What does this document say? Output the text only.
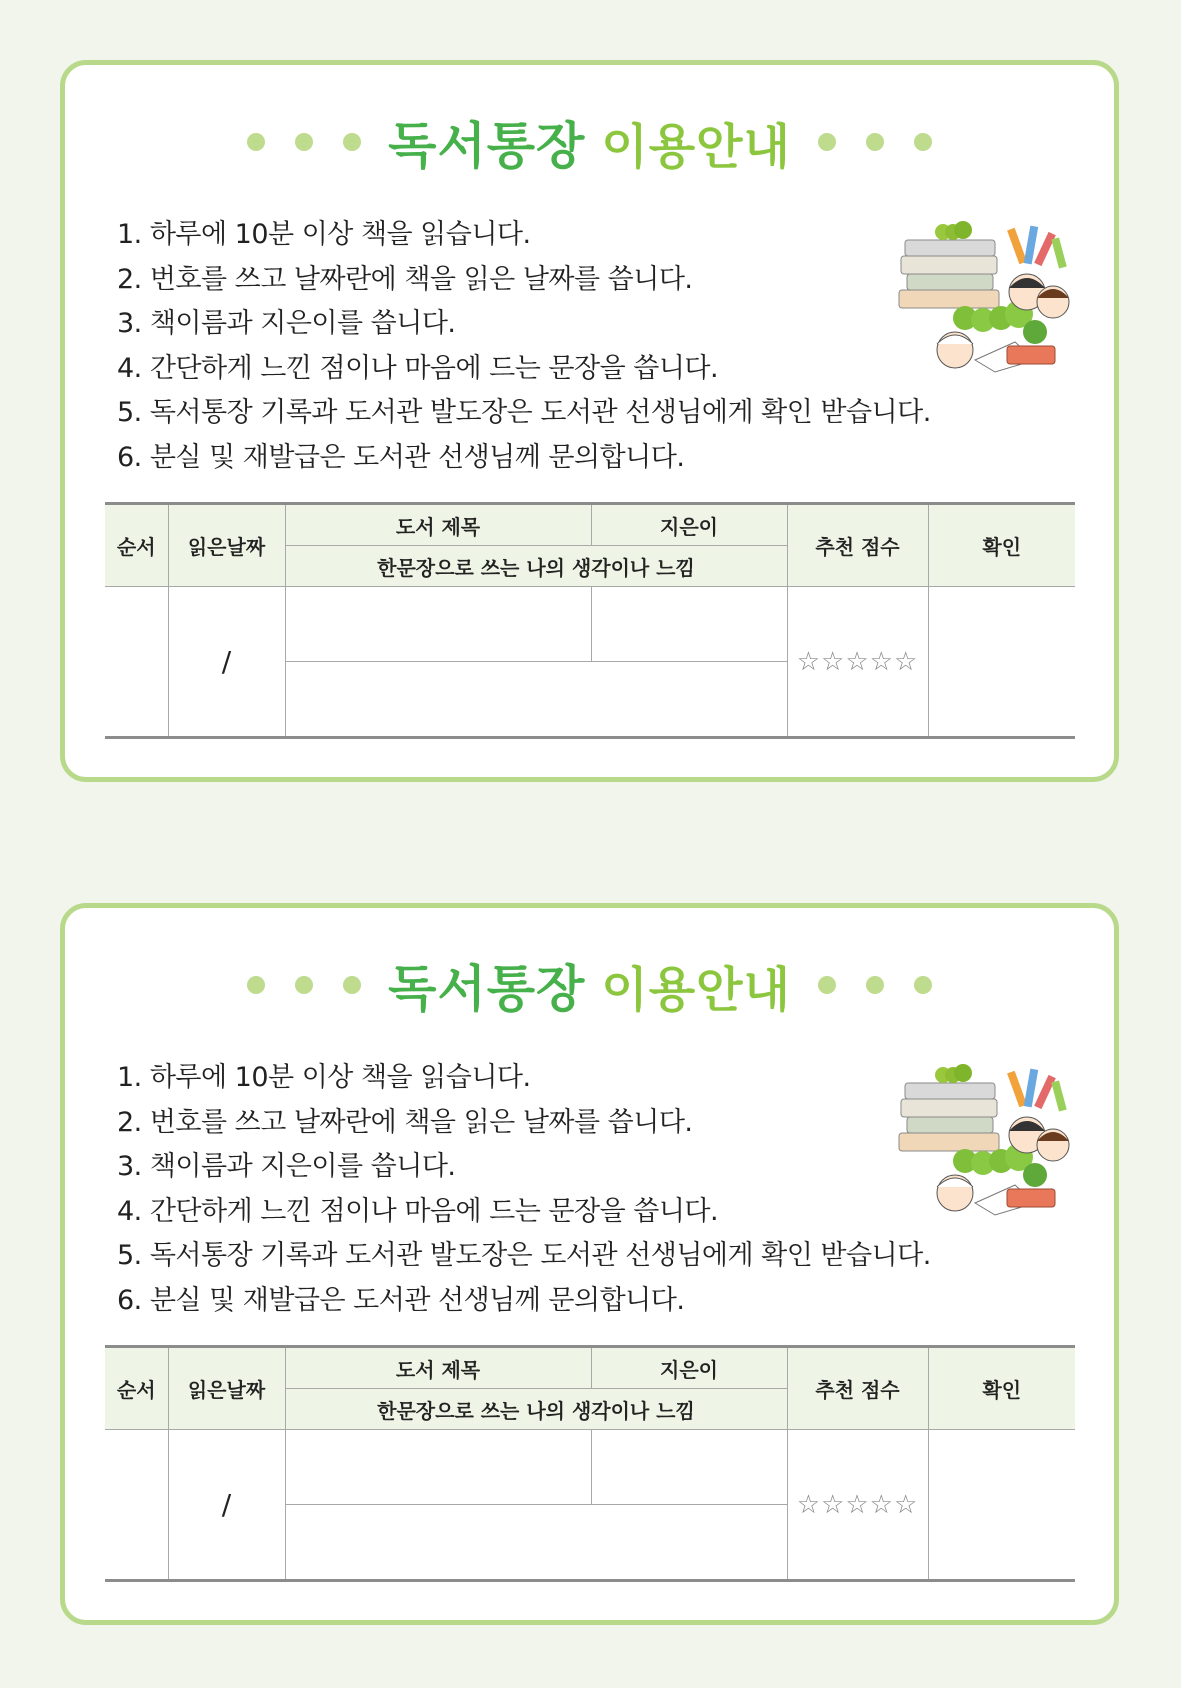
독서통장 이용안내
1. 하루에 10분 이상 책을 읽습니다.
2. 번호를 쓰고 날짜란에 책을 읽은 날짜를 씁니다.
3. 책이름과 지은이를 씁니다.
4. 간단하게 느낀 점이나 마음에 드는 문장을 씁니다.
5. 독서통장 기록과 도서관 발도장은 도서관 선생님에게 확인 받습니다.
6. 분실 및 재발급은 도서관 선생님께 문의합니다.
순서	읽은날짜	도서 제목	지은이	추천 점수	확인
		한문장으로 쓰는 나의 생각이나 느낌			
	/			☆☆☆☆☆	

독서통장 이용안내
1. 하루에 10분 이상 책을 읽습니다.
2. 번호를 쓰고 날짜란에 책을 읽은 날짜를 씁니다.
3. 책이름과 지은이를 씁니다.
4. 간단하게 느낀 점이나 마음에 드는 문장을 씁니다.
5. 독서통장 기록과 도서관 발도장은 도서관 선생님에게 확인 받습니다.
6. 분실 및 재발급은 도서관 선생님께 문의합니다.
순서	읽은날짜	도서 제목	지은이	추천 점수	확인
		한문장으로 쓰는 나의 생각이나 느낌			
	/			☆☆☆☆☆	
